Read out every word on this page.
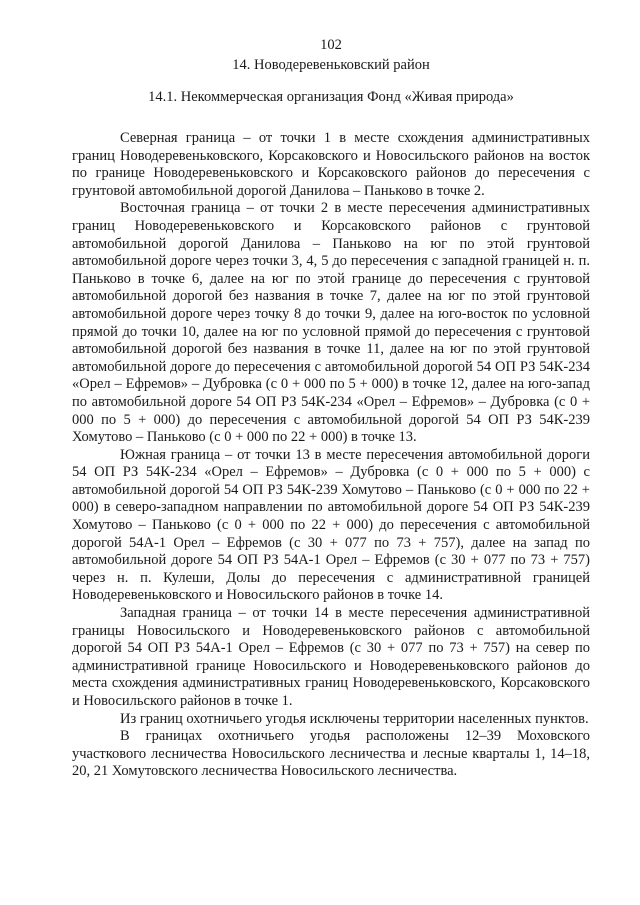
102
14. Новодеревеньковский район
14.1. Некоммерческая организация Фонд «Живая природа»

Северная граница – от точки 1 в месте схождения административных границ Новодеревеньковского, Корсаковского и Новосильского районов на восток по границе Новодеревеньковского и Корсаковского районов до пересечения с грунтовой автомобильной дорогой Данилова – Паньково в точке 2.

Восточная граница – от точки 2 в месте пересечения административных границ Новодеревеньковского и Корсаковского районов с грунтовой автомобильной дорогой Данилова – Паньково на юг по этой грунтовой автомобильной дороге через точки 3, 4, 5 до пересечения с западной границей н. п. Паньково в точке 6, далее на юг по этой границе до пересечения с грунтовой автомобильной дорогой без названия в точке 7, далее на юг по этой грунтовой автомобильной дороге через точку 8 до точки 9, далее на юго-восток по условной прямой до точки 10, далее на юг по условной прямой до пересечения с грунтовой автомобильной дорогой без названия в точке 11, далее на юг по этой грунтовой автомобильной дороге до пересечения с автомобильной дорогой 54 ОП РЗ 54К-234 «Орел – Ефремов» – Дубровка (с 0 + 000 по 5 + 000) в точке 12, далее на юго-запад по автомобильной дороге 54 ОП РЗ 54К-234 «Орел – Ефремов» – Дубровка (с 0 + 000 по 5 + 000) до пересечения с автомобильной дорогой 54 ОП РЗ 54К-239 Хомутово – Паньково (с 0 + 000 по 22 + 000) в точке 13.

Южная граница – от точки 13 в месте пересечения автомобильной дороги 54 ОП РЗ 54К-234 «Орел – Ефремов» – Дубровка (с 0 + 000 по 5 + 000) с автомобильной дорогой 54 ОП РЗ 54К-239 Хомутово – Паньково (с 0 + 000 по 22 + 000) в северо-западном направлении по автомобильной дороге 54 ОП РЗ 54К-239 Хомутово – Паньково (с 0 + 000 по 22 + 000) до пересечения с автомобильной дорогой 54А-1 Орел – Ефремов (с 30 + 077 по 73 + 757), далее на запад по автомобильной дороге 54 ОП РЗ 54А-1 Орел – Ефремов (с 30 + 077 по 73 + 757) через н. п. Кулеши, Долы до пересечения с административной границей Новодеревеньковского и Новосильского районов в точке 14.

Западная граница – от точки 14 в месте пересечения административной границы Новосильского и Новодеревеньковского районов с автомобильной дорогой 54 ОП РЗ 54А-1 Орел – Ефремов (с 30 + 077 по 73 + 757) на север по административной границе Новосильского и Новодеревеньковского районов до места схождения административных границ Новодеревеньковского, Корсаковского и Новосильского районов в точке 1.

Из границ охотничьего угодья исключены территории населенных пунктов.

В границах охотничьего угодья расположены 12–39 Моховского участкового лесничества Новосильского лесничества и лесные кварталы 1, 14–18, 20, 21 Хомутовского лесничества Новосильского лесничества.
